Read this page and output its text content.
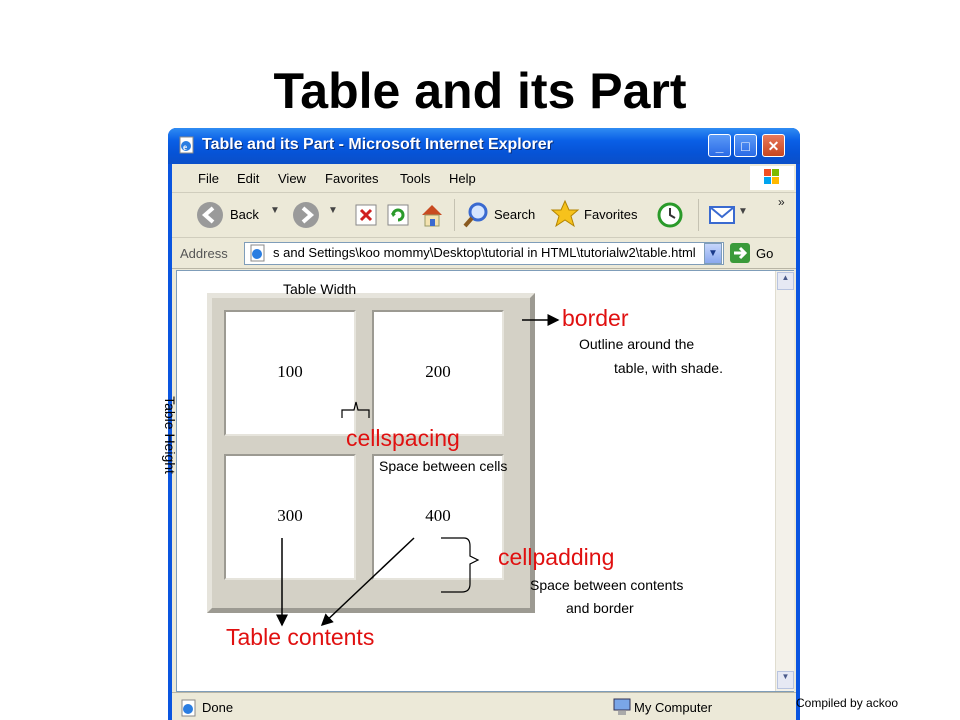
Table and its Part
e Table and its Part - Microsoft Internet Explorer	_	□	✕
File Edit View Favorites Tools Help
Back ▼	▼	Search	Favorites	▼
»
Address	s and Settings\koo mommy\Desktop\tutorial in HTML\tutorialw2\table.html	▼	Go
▲
▼
100	200
300	400
Done	My Computer
Table Width
Table Height
border
Outline around the
table, with shade.
cellspacing
Space between cells
cellpadding
Space between contents
and border
Table contents
Compiled by ackoo
